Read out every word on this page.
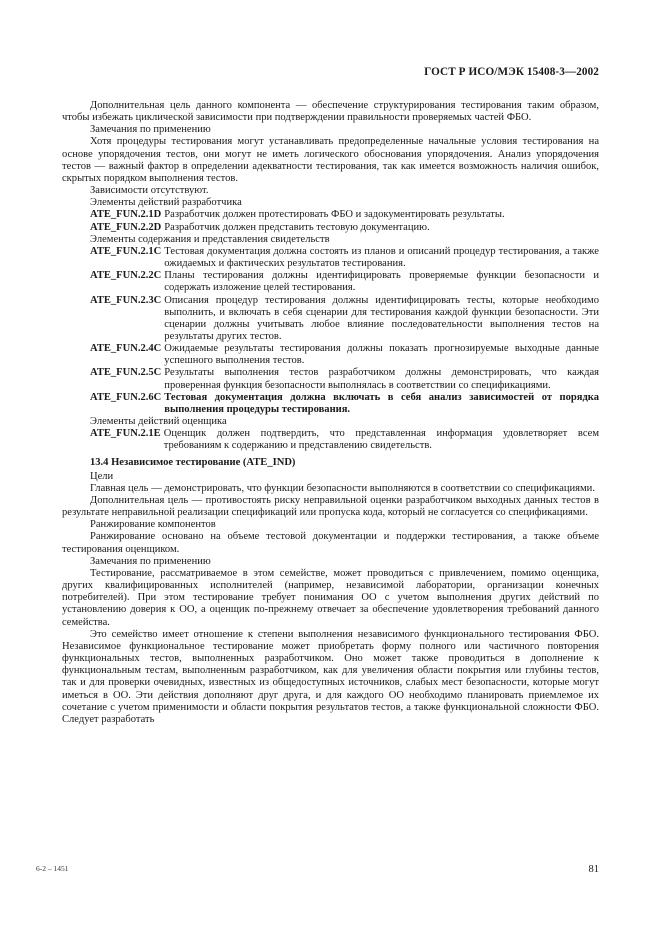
ГОСТ Р ИСО/МЭК 15408-3—2002

Дополнительная цель данного компонента — обеспечение структурирования тестирования таким образом, чтобы избежать циклической зависимости при подтверждении правильности проверяемых частей ФБО.

Замечания по применению

Хотя процедуры тестирования могут устанавливать предопределенные начальные условия тестирования на основе упорядочения тестов, они могут не иметь логического обоснования упорядочения. Анализ упорядочения тестов — важный фактор в определении адекватности тестирования, так как имеется возможность наличия ошибок, скрытых порядком выполнения тестов.

Зависимости отсутствуют.

Элементы действий разработчика

ATE_FUN.2.1D Разработчик должен протестировать ФБО и задокументировать результаты.
ATE_FUN.2.2D Разработчик должен представить тестовую документацию.

Элементы содержания и представления свидетельств

ATE_FUN.2.1C Тестовая документация должна состоять из планов и описаний процедур тестирования, а также ожидаемых и фактических результатов тестирования.
ATE_FUN.2.2C Планы тестирования должны идентифицировать проверяемые функции безопасности и содержать изложение целей тестирования.
ATE_FUN.2.3C Описания процедур тестирования должны идентифицировать тесты, которые необходимо выполнить, и включать в себя сценарии для тестирования каждой функции безопасности. Эти сценарии должны учитывать любое влияние последовательности выполнения тестов на результаты других тестов.
ATE_FUN.2.4C Ожидаемые результаты тестирования должны показать прогнозируемые выходные данные успешного выполнения тестов.
ATE_FUN.2.5C Результаты выполнения тестов разработчиком должны демонстрировать, что каждая проверенная функция безопасности выполнялась в соответствии со спецификациями.
ATE_FUN.2.6C Тестовая документация должна включать в себя анализ зависимостей от порядка выполнения процедуры тестирования.

Элементы действий оценщика

ATE_FUN.2.1E Оценщик должен подтвердить, что представленная информация удовлетворяет всем требованиям к содержанию и представлению свидетельств.

13.4 Независимое тестирование (ATE_IND)

Цели

Главная цель — демонстрировать, что функции безопасности выполняются в соответствии со спецификациями.

Дополнительная цель — противостоять риску неправильной оценки разработчиком выходных данных тестов в результате неправильной реализации спецификаций или пропуска кода, который не согласуется со спецификациями.

Ранжирование компонентов

Ранжирование основано на объеме тестовой документации и поддержки тестирования, а также объеме тестирования оценщиком.

Замечания по применению

Тестирование, рассматриваемое в этом семействе, может проводиться с привлечением, помимо оценщика, других квалифицированных исполнителей (например, независимой лаборатории, организации конечных потребителей). При этом тестирование требует понимания ОО с учетом выполнения других действий по установлению доверия к ОО, а оценщик по-прежнему отвечает за обеспечение удовлетворения требований данного семейства.

Это семейство имеет отношение к степени выполнения независимого функционального тестирования ФБО. Независимое функциональное тестирование может приобретать форму полного или частичного повторения функциональных тестов, выполненных разработчиком. Оно может также проводиться в дополнение к функциональным тестам, выполненным разработчиком, как для увеличения области покрытия или глубины тестов, так и для проверки очевидных, известных из общедоступных источников, слабых мест безопасности, которые могут иметься в ОО. Эти действия дополняют друг друга, и для каждого ОО необходимо планировать приемлемое их сочетание с учетом применимости и области покрытия результатов тестов, а также функциональной сложности ФБО. Следует разработать

6-2 – 1451	81
